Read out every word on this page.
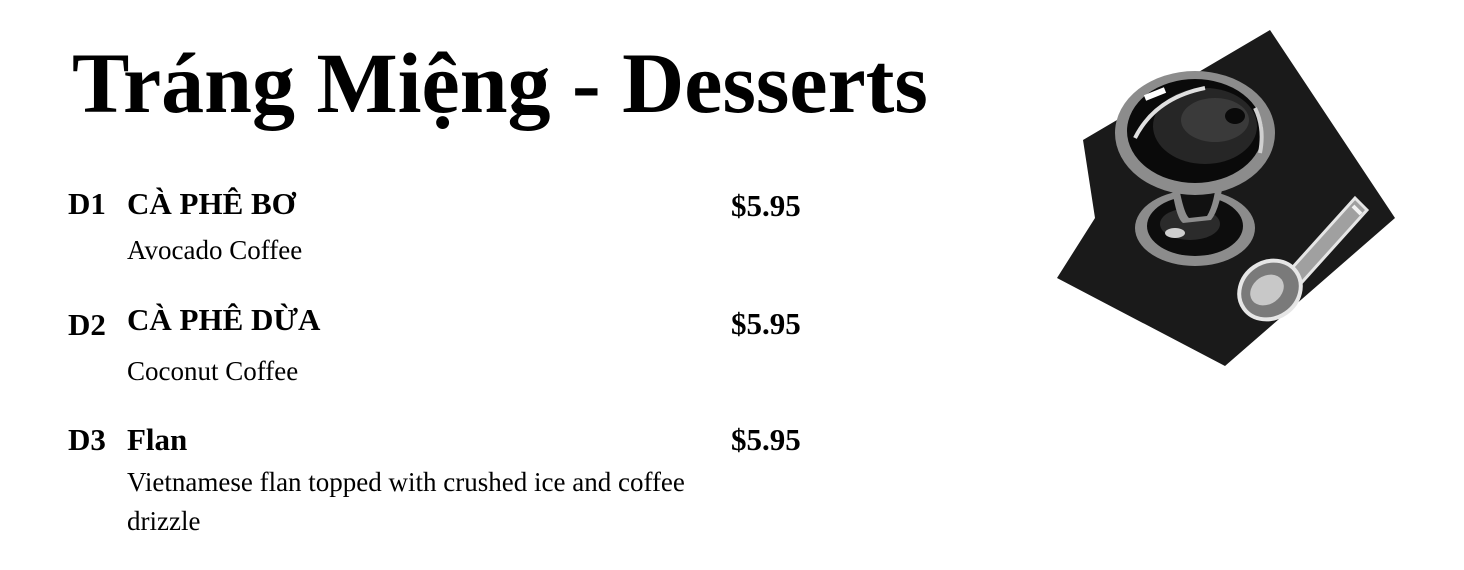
Tráng Miệng - Desserts
D1 CÀ PHÊ BƠ	$5.95
Avocado Coffee
D2 CÀ PHÊ DỪA	$5.95
Coconut Coffee
D3 Flan	$5.95
Vietnamese flan topped with crushed ice and coffee drizzle
